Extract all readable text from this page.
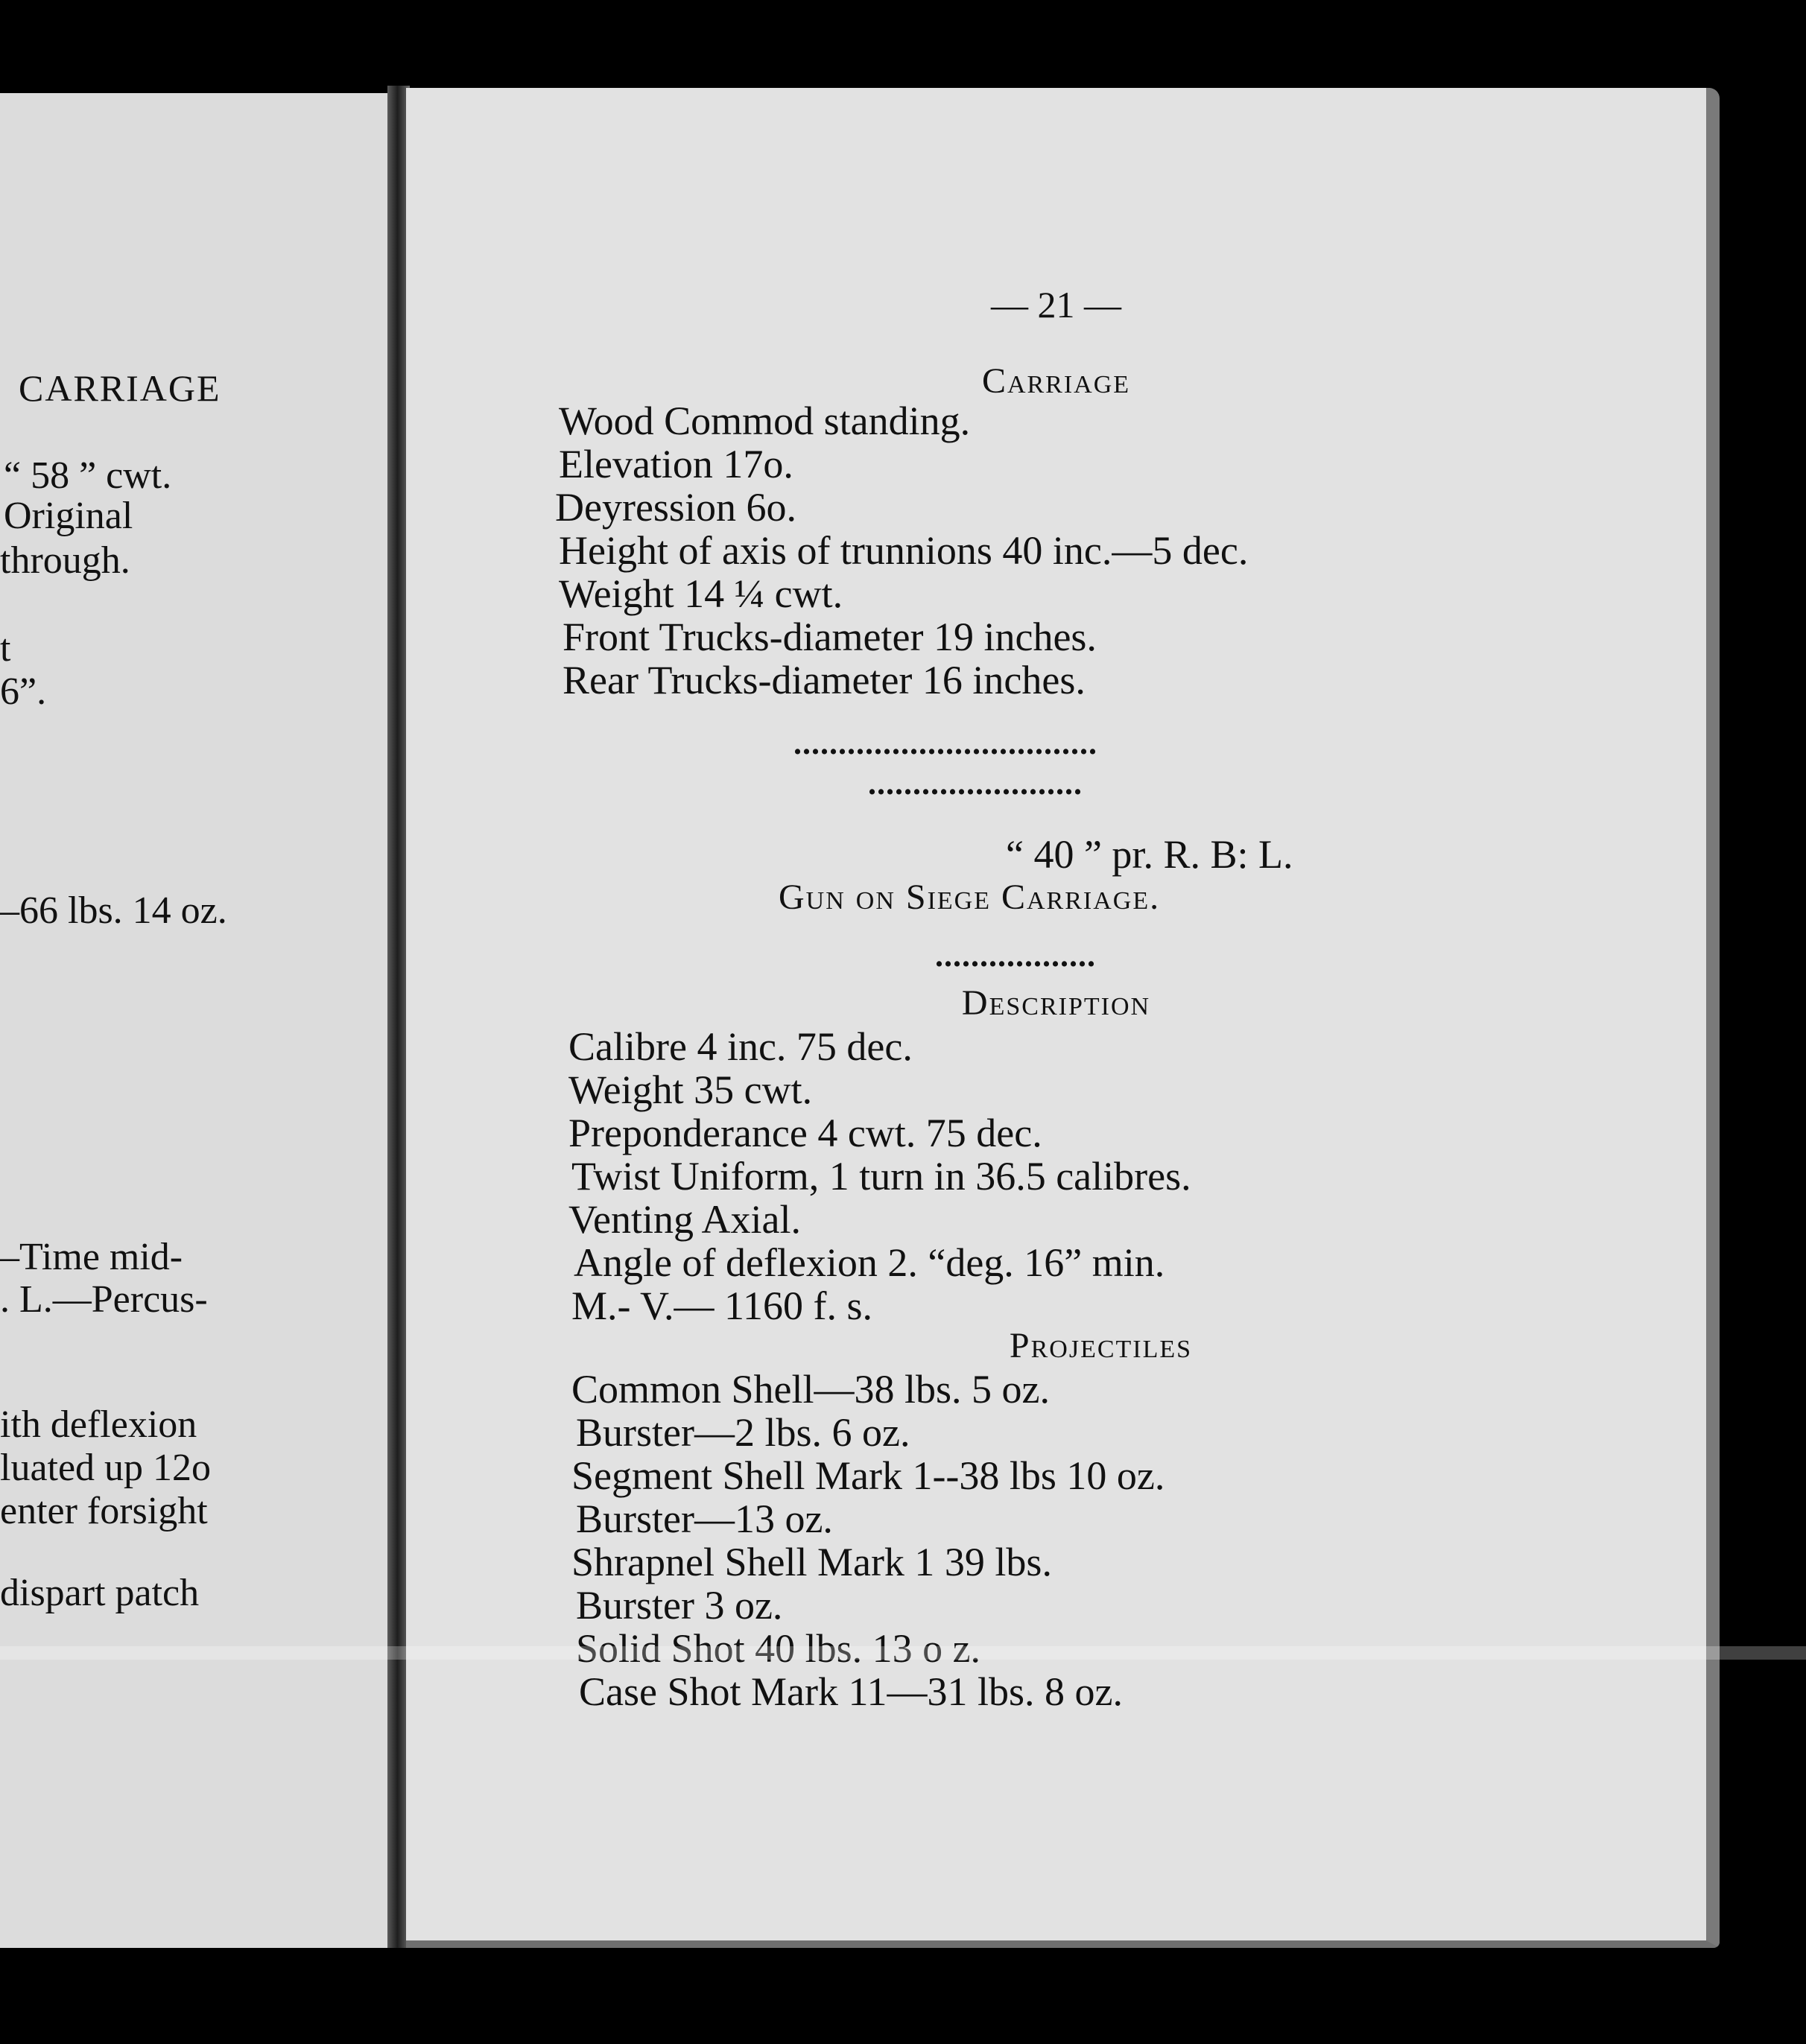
CARRIAGE
“ 58 ” cwt.
Original
through.
t
6”.
–66 lbs. 14 oz.
–Time mid-
. L.—Percus-
ith deflexion
luated up 12o
enter forsight
dispart patch
— 21 —
Carriage
Wood Commod standing.
Elevation 17o.
Deyression 6o.
Height of axis of trunnions 40 inc.—5 dec.
Weight 14 ¼ cwt.
Front Trucks-diameter 19 inches.
Rear Trucks-diameter 16 inches.
..................................
........................
“ 40 ” pr. R. B: L.
Gun on Siege Carriage.
..................
Description
Calibre 4 inc. 75 dec.
Weight 35 cwt.
Preponderance 4 cwt. 75 dec.
Twist Uniform, 1 turn in 36.5 calibres.
Venting Axial.
Angle of deflexion 2. “deg. 16” min.
M.- V.— 1160 f. s.
Projectiles
Common Shell—38 lbs. 5 oz.
Burster—2 lbs. 6 oz.
Segment Shell Mark 1--38 lbs 10 oz.
Burster—13 oz.
Shrapnel Shell Mark 1 39 lbs.
Burster 3 oz.
Solid Shot 40 lbs. 13 o z.
Case Shot Mark 11—31 lbs. 8 oz.
